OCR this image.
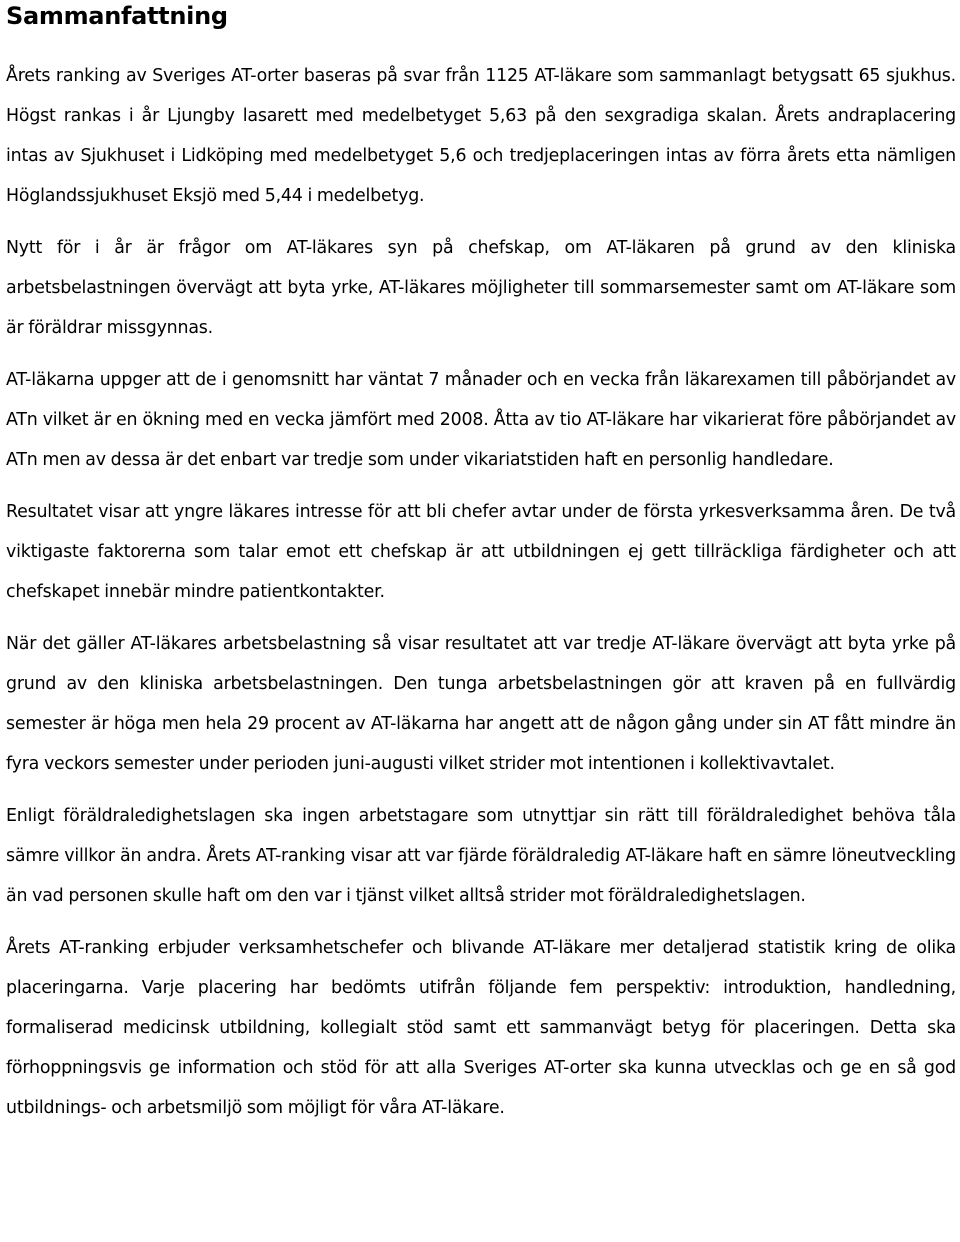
Sammanfattning

Årets ranking av Sveriges AT-orter baseras på svar från 1125 AT-läkare som sammanlagt betygsatt 65 sjukhus. Högst rankas i år Ljungby lasarett med medelbetyget 5,63 på den sexgradiga skalan. Årets andraplacering intas av Sjukhuset i Lidköping med medelbetyget 5,6 och tredjeplaceringen intas av förra årets etta nämligen Höglandssjukhuset Eksjö med 5,44 i medelbetyg.

Nytt för i år är frågor om AT-läkares syn på chefskap, om AT-läkaren på grund av den kliniska arbetsbelastningen övervägt att byta yrke, AT-läkares möjligheter till sommarsemester samt om AT-läkare som är föräldrar missgynnas.

AT-läkarna uppger att de i genomsnitt har väntat 7 månader och en vecka från läkarexamen till påbörjandet av ATn vilket är en ökning med en vecka jämfört med 2008. Åtta av tio AT-läkare har vikarierat före påbörjandet av ATn men av dessa är det enbart var tredje som under vikariatstiden haft en personlig handledare.

Resultatet visar att yngre läkares intresse för att bli chefer avtar under de första yrkesverksamma åren. De två viktigaste faktorerna som talar emot ett chefskap är att utbildningen ej gett tillräckliga färdigheter och att chefskapet innebär mindre patientkontakter.

När det gäller AT-läkares arbetsbelastning så visar resultatet att var tredje AT-läkare övervägt att byta yrke på grund av den kliniska arbetsbelastningen. Den tunga arbetsbelastningen gör att kraven på en fullvärdig semester är höga men hela 29 procent av AT-läkarna har angett att de någon gång under sin AT fått mindre än fyra veckors semester under perioden juni-augusti vilket strider mot intentionen i kollektivavtalet.

Enligt föräldraledighetslagen ska ingen arbetstagare som utnyttjar sin rätt till föräldraledighet behöva tåla sämre villkor än andra. Årets AT-ranking visar att var fjärde föräldraledig AT-läkare haft en sämre löneutveckling än vad personen skulle haft om den var i tjänst vilket alltså strider mot föräldraledighetslagen.

Årets AT-ranking erbjuder verksamhetschefer och blivande AT-läkare mer detaljerad statistik kring de olika placeringarna. Varje placering har bedömts utifrån följande fem perspektiv: introduktion, handledning, formaliserad medicinsk utbildning, kollegialt stöd samt ett sammanvägt betyg för placeringen. Detta ska förhoppningsvis ge information och stöd för att alla Sveriges AT-orter ska kunna utvecklas och ge en så god utbildnings- och arbetsmiljö som möjligt för våra AT-läkare.
